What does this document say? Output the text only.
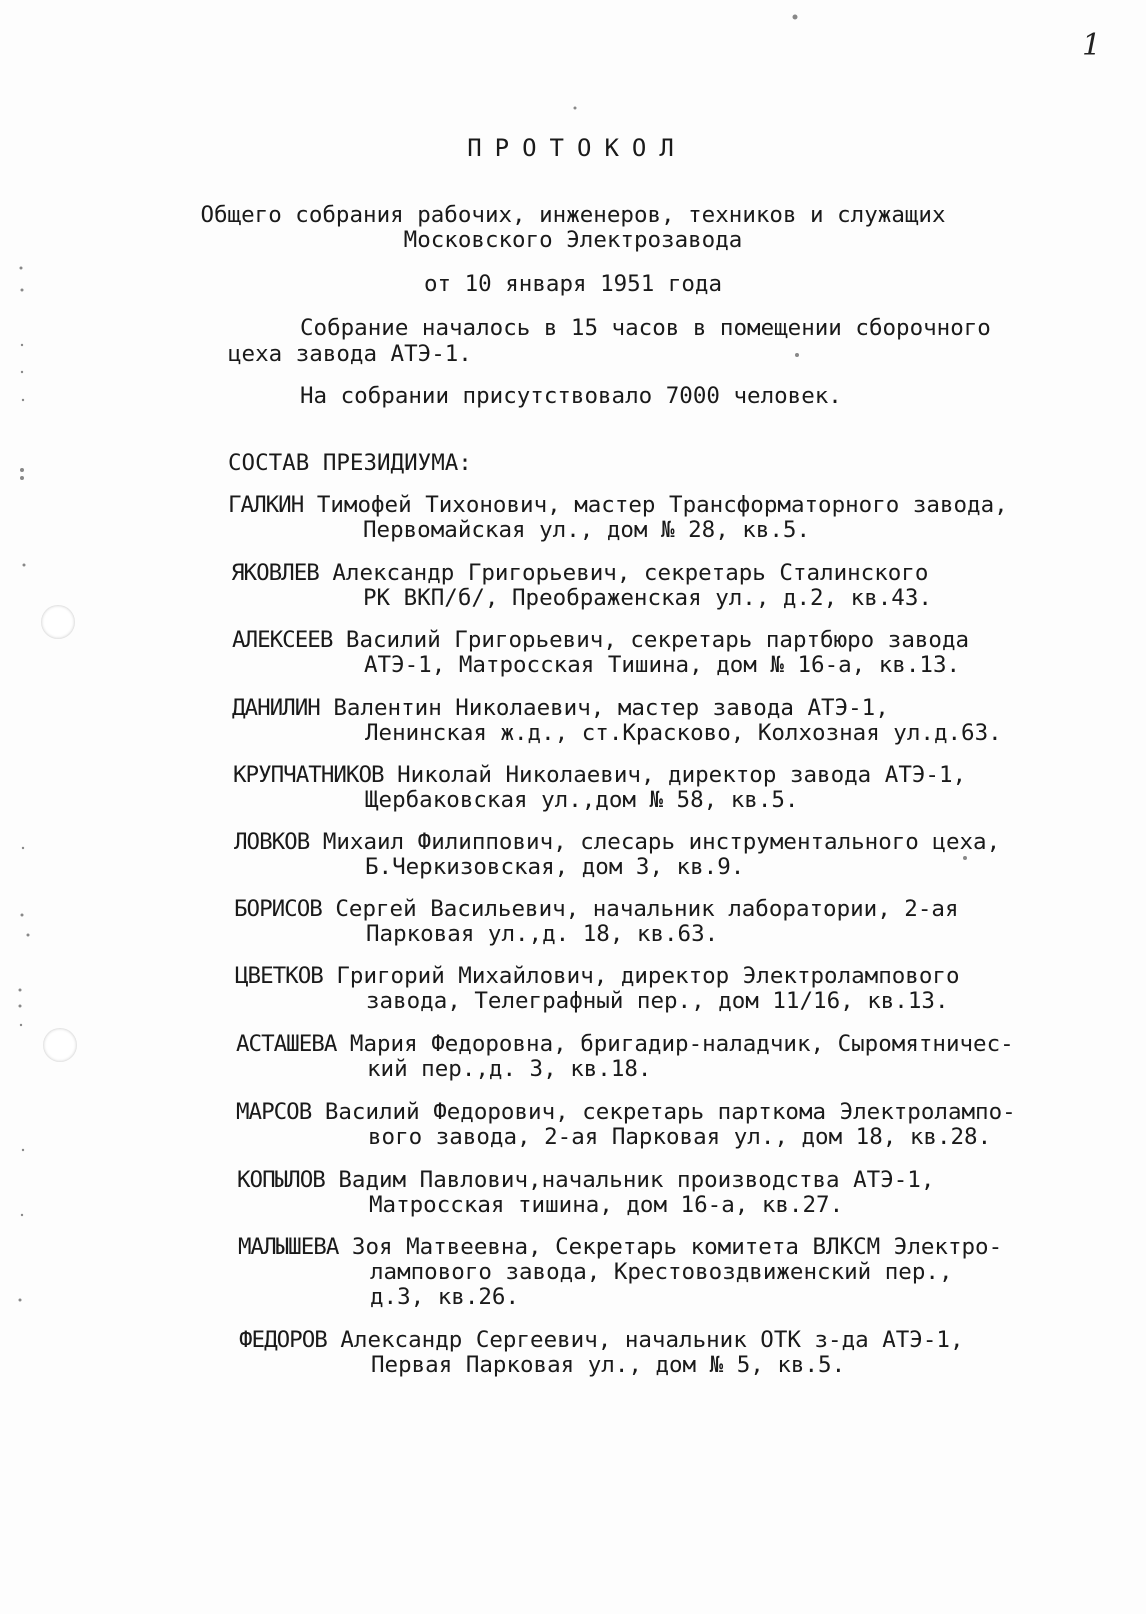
1
ПРОТОКОЛ
Общего собрания рабочих, инженеров, техников и служащих
Московского Электрозавода
от 10 января 1951 года
Собрание началось в 15 часов в помещении сборочного
цеха завода АТЭ-1.
На собрании присутствовало 7000 человек.
СОСТАВ ПРЕЗИДИУМА:
ГАЛКИН Тимофей Тихонович, мастер Трансформаторного завода,
Первомайская ул., дом № 28, кв.5.
ЯКОВЛЕВ Александр Григорьевич, секретарь Сталинского
РК ВКП/б/, Преображенская ул., д.2, кв.43.
АЛЕКСЕЕВ Василий Григорьевич, секретарь партбюро завода
АТЭ-1, Матросская Тишина, дом № 16-а, кв.13.
ДАНИЛИН Валентин Николаевич, мастер завода АТЭ-1,
Ленинская ж.д., ст.Красково, Колхозная ул.д.63.
КРУПЧАТНИКОВ Николай Николаевич, директор завода АТЭ-1,
Щербаковская ул.,дом № 58, кв.5.
ЛОВКОВ Михаил Филиппович, слесарь инструментального цеха,
Б.Черкизовская, дом 3, кв.9.
БОРИСОВ Сергей Васильевич, начальник лаборатории, 2-ая
Парковая ул.,д. 18, кв.63.
ЦВЕТКОВ Григорий Михайлович, директор Электролампового
завода, Телеграфный пер., дом 11/16, кв.13.
АСТАШЕВА Мария Федоровна, бригадир-наладчик, Сыромятничес-
кий пер.,д. 3, кв.18.
МАРСОВ Василий Федорович, секретарь парткома Электролампо-
вого завода, 2-ая Парковая ул., дом 18, кв.28.
КОПЫЛОВ Вадим Павлович,начальник производства АТЭ-1,
Матросская тишина, дом 16-а, кв.27.
МАЛЫШЕВА Зоя Матвеевна, Секретарь комитета ВЛКСМ Электро-
лампового завода, Крестовоздвиженский пер.,
д.3, кв.26.
ФЕДОРОВ Александр Сергеевич, начальник ОТК з-да АТЭ-1,
Первая Парковая ул., дом № 5, кв.5.
